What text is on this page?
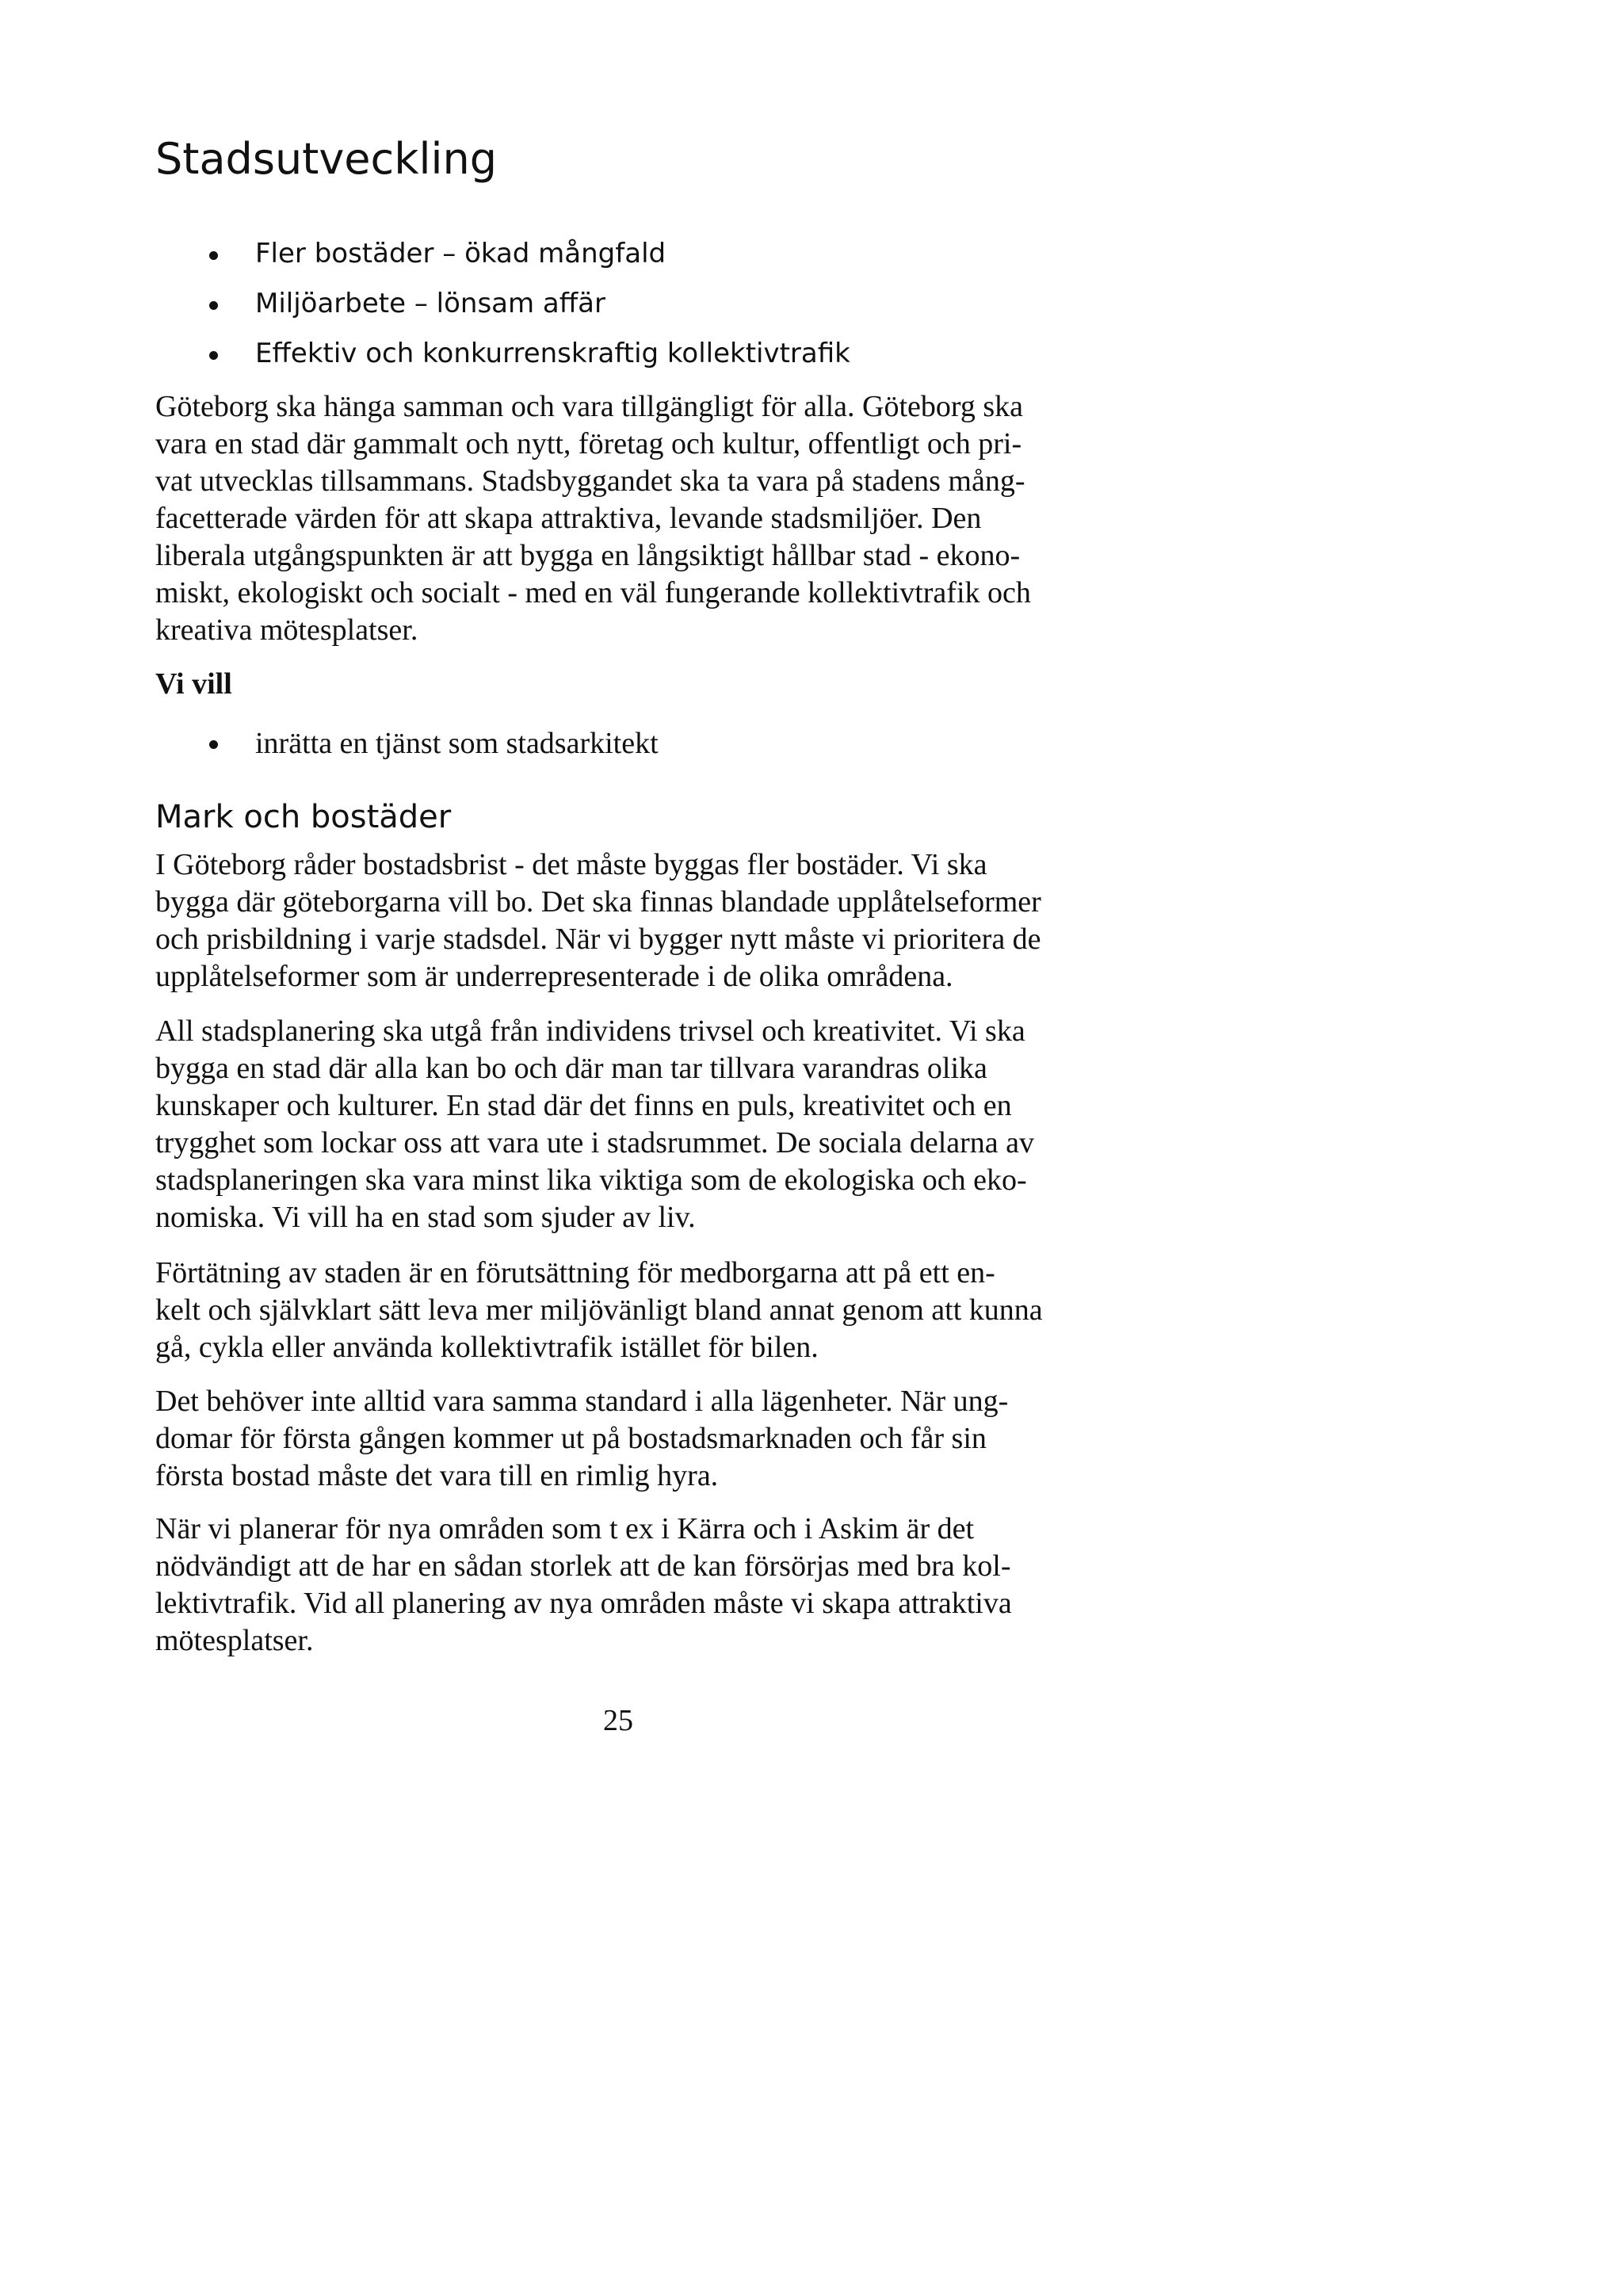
Stadsutveckling
Fler bostäder – ökad mångfald
Miljöarbete – lönsam affär
Effektiv och konkurrenskraftig kollektivtrafik
Göteborg ska hänga samman och vara tillgängligt för alla. Göteborg ska
vara en stad där gammalt och nytt, företag och kultur, offentligt och pri-
vat utvecklas tillsammans. Stadsbyggandet ska ta vara på stadens mång-
facetterade värden för att skapa attraktiva, levande stadsmiljöer. Den
liberala utgångspunkten är att bygga en långsiktigt hållbar stad - ekono-
miskt, ekologiskt och socialt - med en väl fungerande kollektivtrafik och
kreativa mötesplatser.
Vi vill
inrätta en tjänst som stadsarkitekt
Mark och bostäder
I Göteborg råder bostadsbrist - det måste byggas fler bostäder. Vi ska
bygga där göteborgarna vill bo. Det ska finnas blandade upplåtelseformer
och prisbildning i varje stadsdel. När vi bygger nytt måste vi prioritera de
upplåtelseformer som är underrepresenterade i de olika områdena.
All stadsplanering ska utgå från individens trivsel och kreativitet. Vi ska
bygga en stad där alla kan bo och där man tar tillvara varandras olika
kunskaper och kulturer. En stad där det finns en puls, kreativitet och en
trygghet som lockar oss att vara ute i stadsrummet. De sociala delarna av
stadsplaneringen ska vara minst lika viktiga som de ekologiska och eko-
nomiska. Vi vill ha en stad som sjuder av liv.
Förtätning av staden är en förutsättning för medborgarna att på ett en-
kelt och självklart sätt leva mer miljövänligt bland annat genom att kunna
gå, cykla eller använda kollektivtrafik istället för bilen.
Det behöver inte alltid vara samma standard i alla lägenheter. När ung-
domar för första gången kommer ut på bostadsmarknaden och får sin
första bostad måste det vara till en rimlig hyra.
När vi planerar för nya områden som t ex i Kärra och i Askim är det
nödvändigt att de har en sådan storlek att de kan försörjas med bra kol-
lektivtrafik. Vid all planering av nya områden måste vi skapa attraktiva
mötesplatser.
25
